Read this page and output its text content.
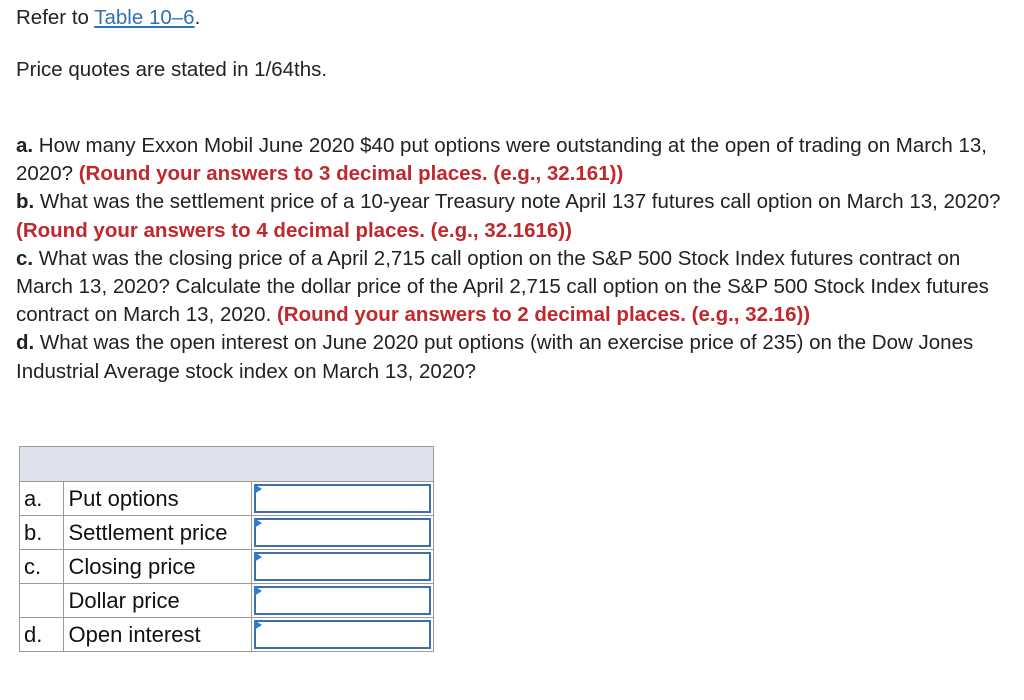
Refer to Table 10–6.
Price quotes are stated in 1/64ths.

a. How many Exxon Mobil June 2020 $40 put options were outstanding at the open of trading on March 13, 2020? (Round your answers to 3 decimal places. (e.g., 32.161))

b. What was the settlement price of a 10-year Treasury note April 137 futures call option on March 13, 2020? (Round your answers to 4 decimal places. (e.g., 32.1616))

c. What was the closing price of a April 2,715 call option on the S&P 500 Stock Index futures contract on March 13, 2020? Calculate the dollar price of the April 2,715 call option on the S&P 500 Stock Index futures contract on March 13, 2020. (Round your answers to 2 decimal places. (e.g., 32.16))

d. What was the open interest on June 2020 put options (with an exercise price of 235) on the Dow Jones Industrial Average stock index on March 13, 2020?

a.	Put options	

b.	Settlement price	

c.	Closing price	

	Dollar price	

d.	Open interest	
